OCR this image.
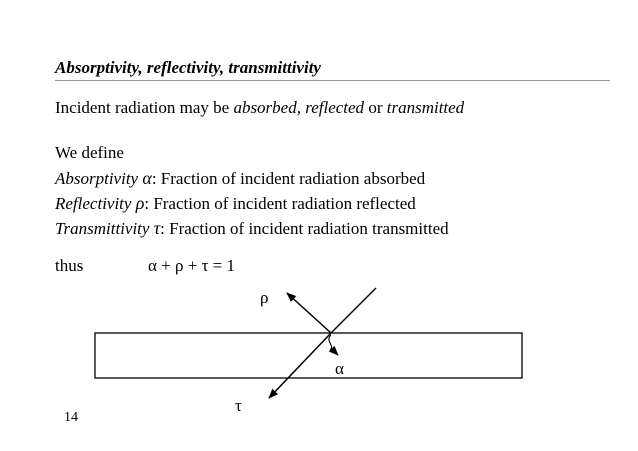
Absorptivity, reflectivity, transmittivity
Incident radiation may be absorbed, reflected or transmitted
We define
Absorptivity α: Fraction of incident radiation absorbed
Reflectivity ρ: Fraction of incident radiation reflected
Transmittivity τ: Fraction of incident radiation transmitted
thus	α + ρ + τ = 1
ρ
α
τ
14
